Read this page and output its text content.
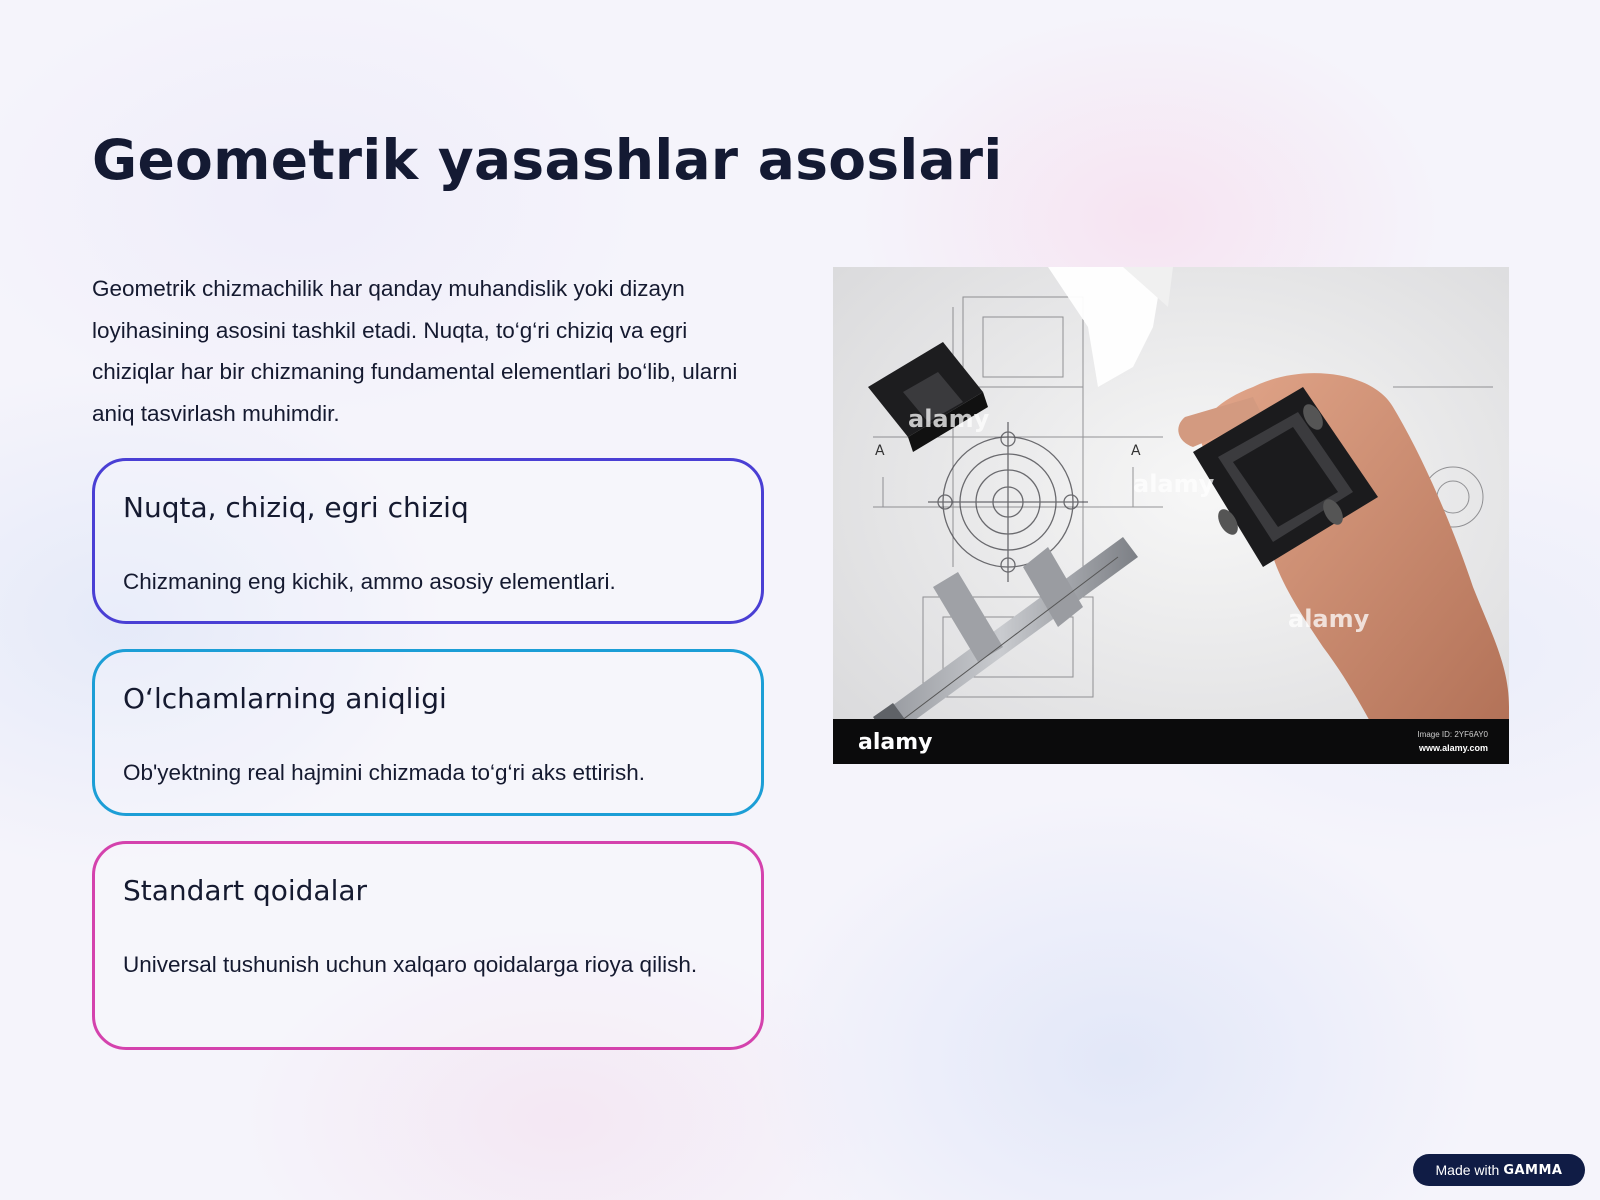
Geometrik yasashlar asoslari

Geometrik chizmachilik har qanday muhandislik yoki dizayn loyihasining asosini tashkil etadi. Nuqta, to‘g‘ri chiziq va egri chiziqlar har bir chizmaning fundamental elementlari bo‘lib, ularni aniq tasvirlash muhimdir.

Nuqta, chiziq, egri chiziq

Chizmaning eng kichik, ammo asosiy elementlari.

O‘lchamlarning aniqligi

Ob'yektning real hajmini chizmada to‘g‘ri aks ettirish.

Standart qoidalar

Universal tushunish uchun xalqaro qoidalarga rioya qilish.

A	A
alamy
alamy
alamy
alamy	Image ID: 2YF6AY0
www.alamy.com
Made with GAMMA
